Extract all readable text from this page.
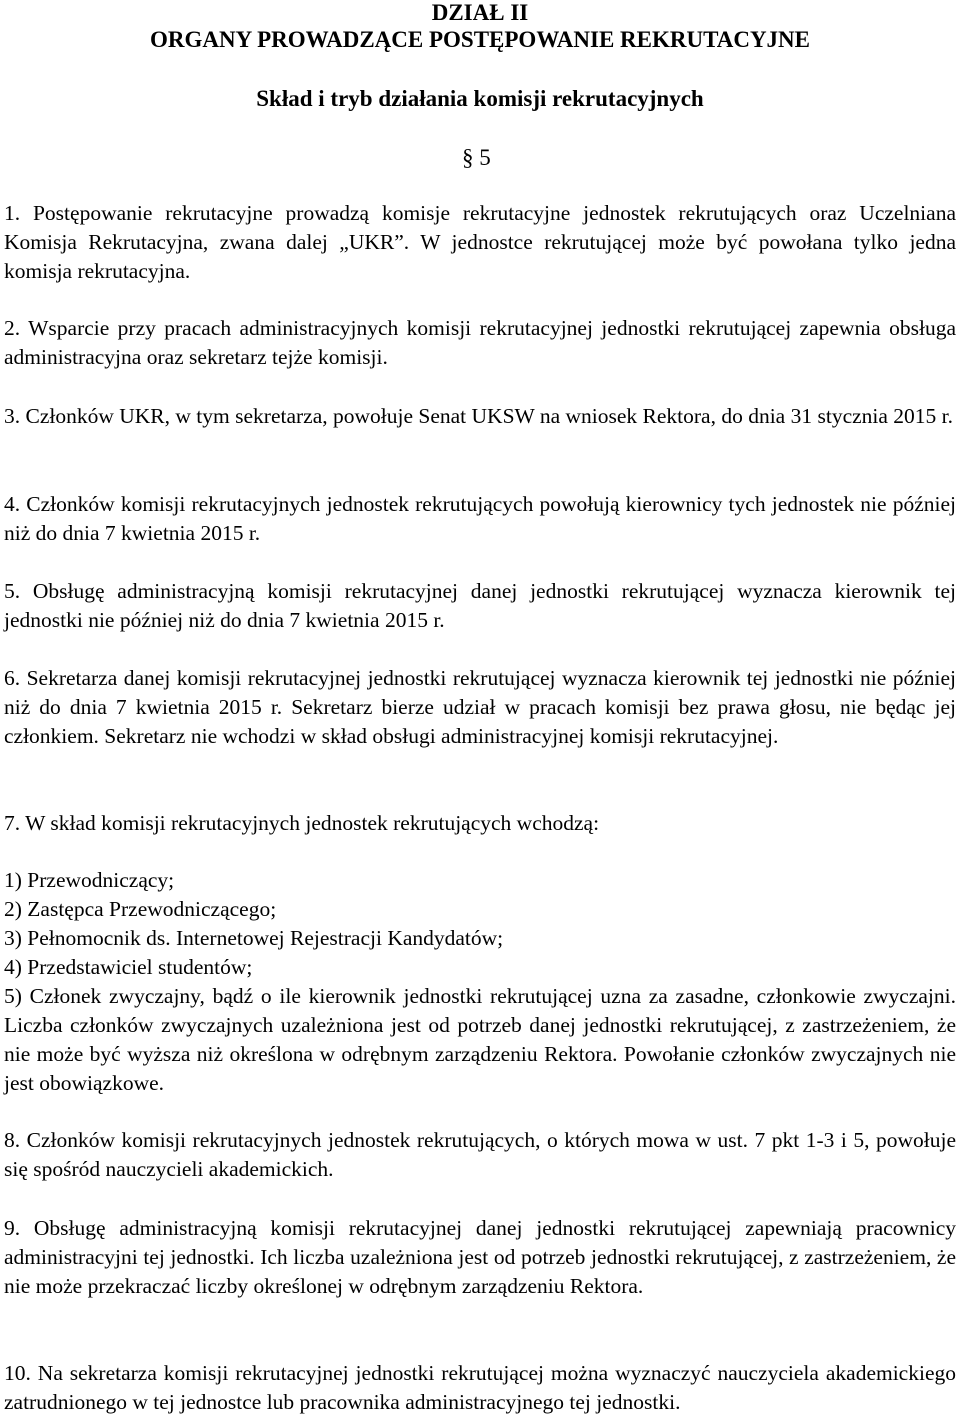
DZIAŁ II

ORGANY PROWADZĄCE POSTĘPOWANIE REKRUTACYJNE

Skład i tryb działania komisji rekrutacyjnych

§ 5

1. Postępowanie rekrutacyjne prowadzą komisje rekrutacyjne jednostek rekrutujących oraz Uczelniana Komisja Rekrutacyjna, zwana dalej „UKR”. W jednostce rekrutującej może być powołana tylko jedna komisja rekrutacyjna.

2. Wsparcie przy pracach administracyjnych komisji rekrutacyjnej jednostki rekrutującej zapewnia obsługa administracyjna oraz sekretarz tejże komisji.

3. Członków UKR, w tym sekretarza, powołuje Senat UKSW na wniosek Rektora, do dnia 31 stycznia 2015 r.

4. Członków komisji rekrutacyjnych jednostek rekrutujących powołują kierownicy tych jednostek nie później niż do dnia 7 kwietnia 2015 r.

5. Obsługę administracyjną komisji rekrutacyjnej danej jednostki rekrutującej wyznacza kierownik tej jednostki nie później niż do dnia 7 kwietnia 2015 r.

6. Sekretarza danej komisji rekrutacyjnej jednostki rekrutującej wyznacza kierownik tej jednostki nie później niż do dnia 7 kwietnia 2015 r. Sekretarz bierze udział w pracach komisji bez prawa głosu, nie będąc jej członkiem. Sekretarz nie wchodzi w skład obsługi administracyjnej komisji rekrutacyjnej.

7. W skład komisji rekrutacyjnych jednostek rekrutujących wchodzą:

1) Przewodniczący;
2) Zastępca Przewodniczącego;
3) Pełnomocnik ds. Internetowej Rejestracji Kandydatów;
4) Przedstawiciel studentów;
5) Członek zwyczajny, bądź o ile kierownik jednostki rekrutującej uzna za zasadne, członkowie zwyczajni. Liczba członków zwyczajnych uzależniona jest od potrzeb danej jednostki rekrutującej, z zastrzeżeniem, że nie może być wyższa niż określona w odrębnym zarządzeniu Rektora. Powołanie członków zwyczajnych nie jest obowiązkowe.

8. Członków komisji rekrutacyjnych jednostek rekrutujących, o których mowa w ust. 7 pkt 1-3 i 5, powołuje się spośród nauczycieli akademickich.

9. Obsługę administracyjną komisji rekrutacyjnej danej jednostki rekrutującej zapewniają pracownicy administracyjni tej jednostki. Ich liczba uzależniona jest od potrzeb jednostki rekrutującej, z zastrzeżeniem, że nie może przekraczać liczby określonej w odrębnym zarządzeniu Rektora.

10. Na sekretarza komisji rekrutacyjnej jednostki rekrutującej można wyznaczyć nauczyciela akademickiego zatrudnionego w tej jednostce lub pracownika administracyjnego tej jednostki.
